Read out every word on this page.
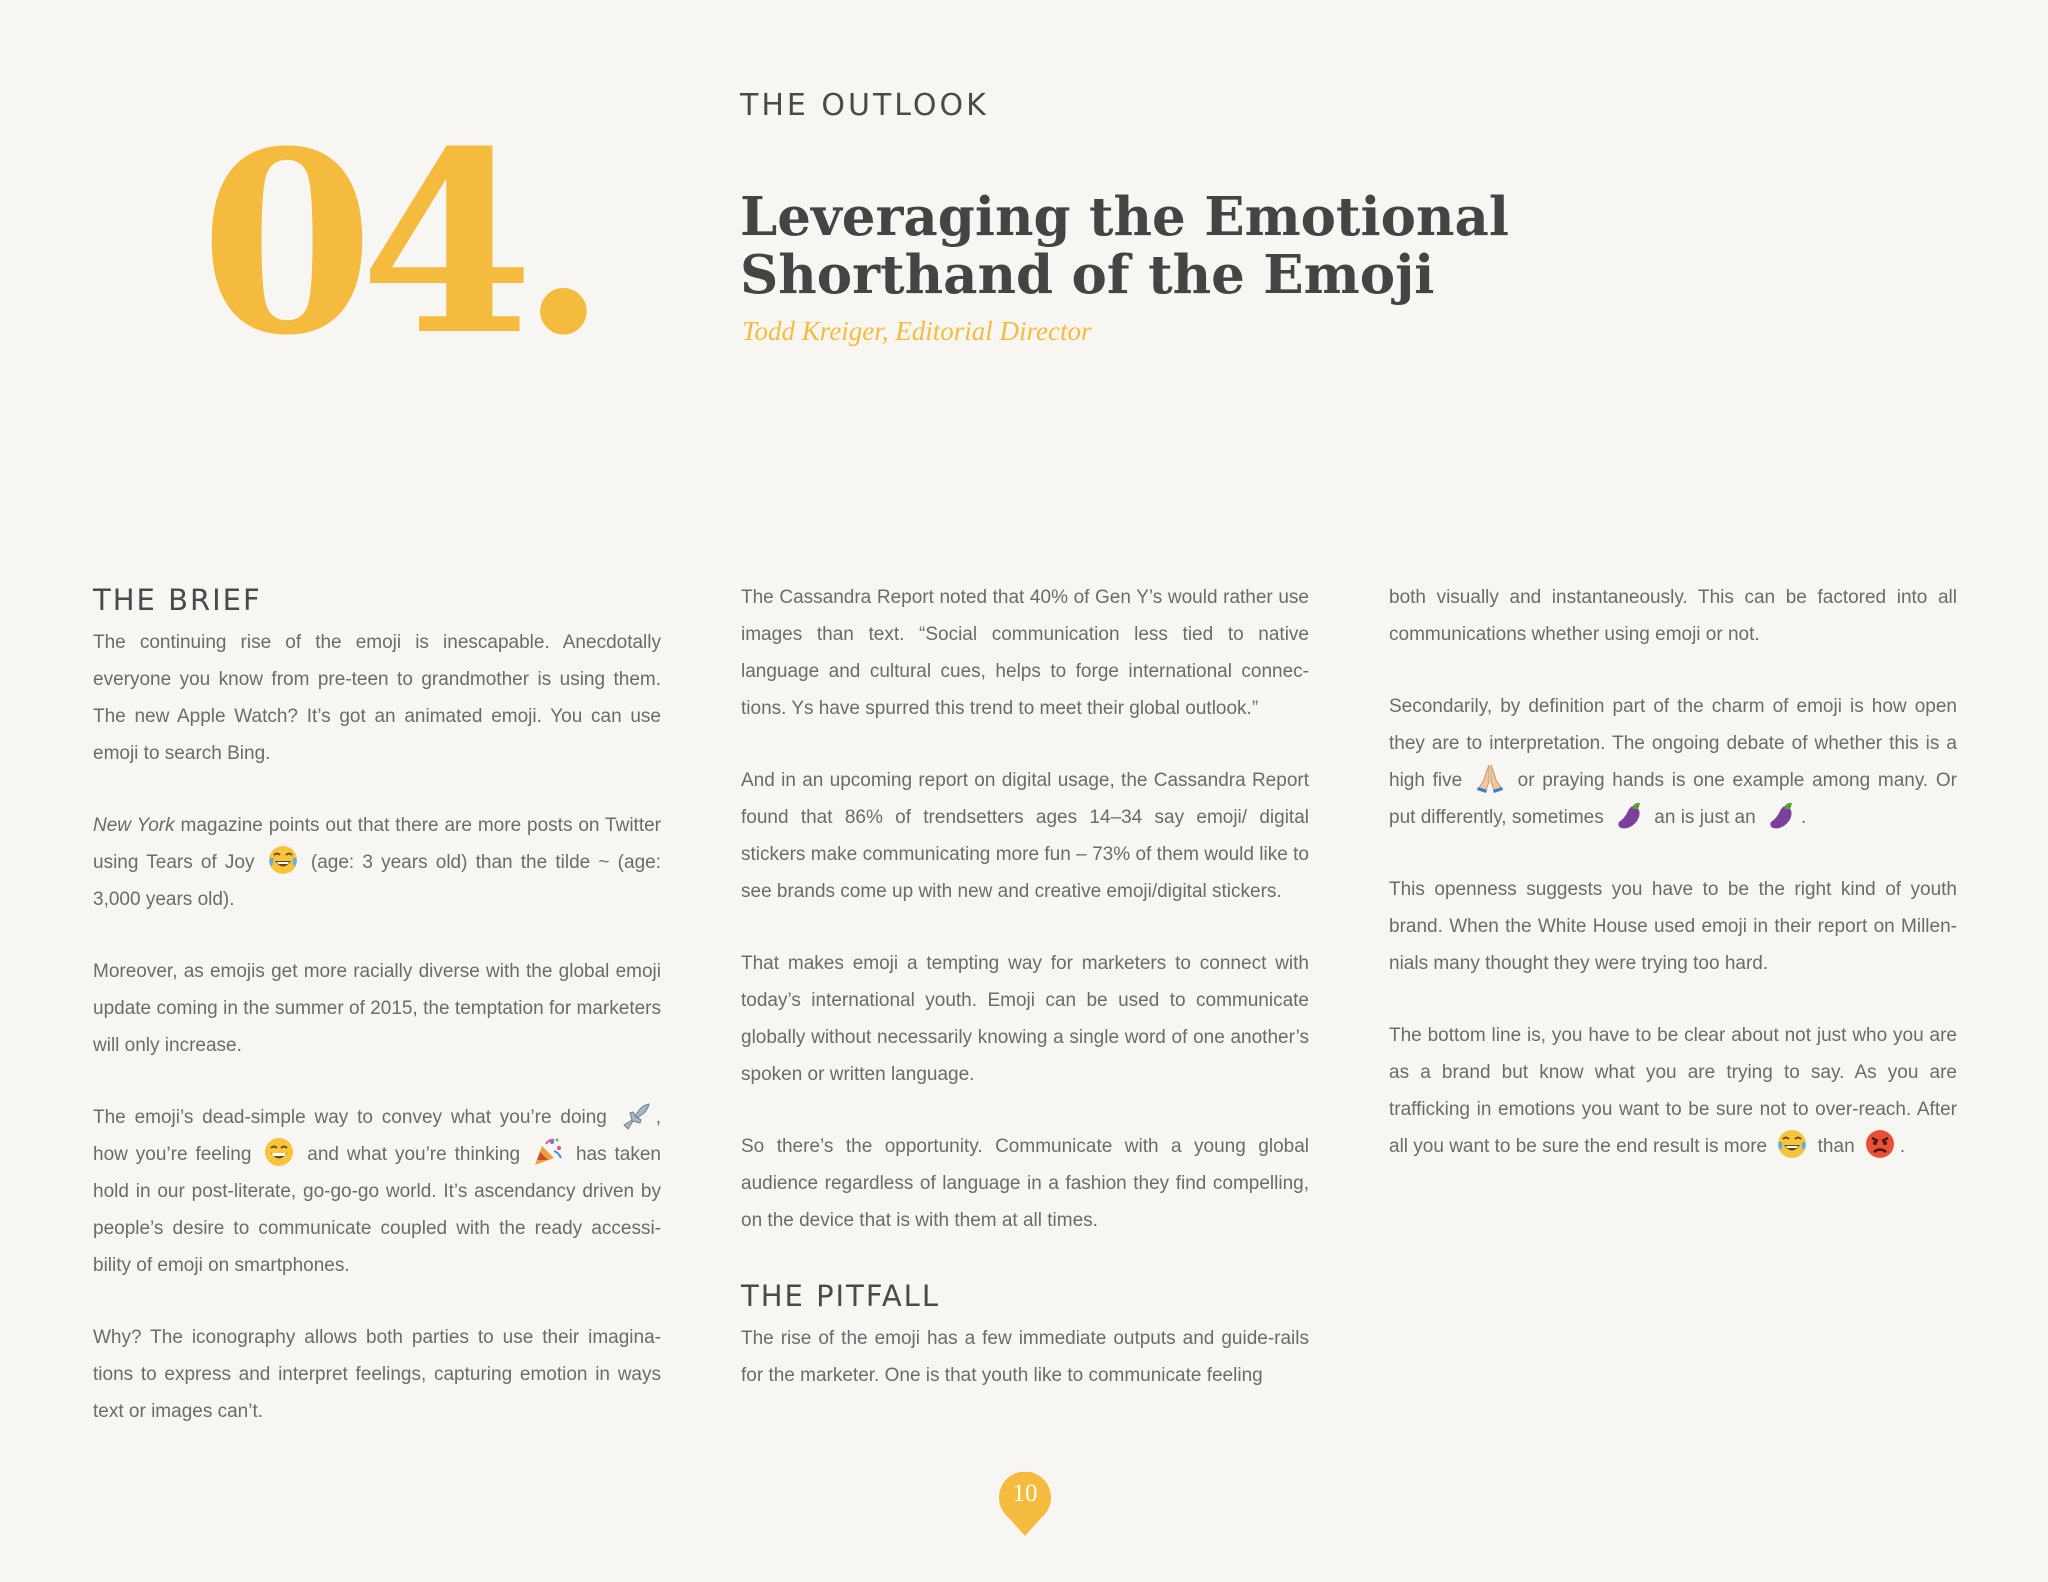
04.	THE OUTLOOK
Leveraging the Emotional
Shorthand of the Emoji
Todd Kreiger, Editorial Director
THE BRIEF

The continuing rise of the emoji is inescapable. Anecdotally everyone you know from pre-teen to grandmother is using them. The new Apple Watch? It’s got an animated emoji. You can use emoji to search Bing.

New York magazine points out that there are more posts on Twitter using Tears of Joy	(age: 3 years old) than the tilde ~ (age: 3,000 years old).

Moreover, as emojis get more racially diverse with the global emoji update coming in the summer of 2015, the temptation for marketers will only increase.

The emoji’s dead-simple way to convey what you’re doing	, how you’re feeling	and what you’re thinking	has taken hold in our post-literate, go-go-go world. It’s ascendancy driven by people’s desire to communicate coupled with the ready accessi-bility of emoji on smartphones.

Why? The iconography allows both parties to use their imagina-tions to express and interpret feelings, capturing emotion in ways text or images can’t.

The Cassandra Report noted that 40% of Gen Y’s would rather use images than text. “Social communication less tied to native language and cultural cues, helps to forge international connec-tions. Ys have spurred this trend to meet their global outlook.”

And in an upcoming report on digital usage, the Cassandra Report found that 86% of trendsetters ages 14–34 say emoji/ digital stickers make communicating more fun – 73% of them would like to see brands come up with new and creative emoji/digital stickers.

That makes emoji a tempting way for marketers to connect with today’s international youth. Emoji can be used to communicate globally without necessarily knowing a single word of one another’s spoken or written language.

So there’s the opportunity. Communicate with a young global audience regardless of language in a fashion they find compelling, on the device that is with them at all times.

THE PITFALL

The rise of the emoji has a few immediate outputs and guide-rails for the marketer. One is that youth like to communicate feeling

both visually and instantaneously. This can be factored into all communications whether using emoji or not.

Secondarily, by definition part of the charm of emoji is how open they are to interpretation. The ongoing debate of whether this is a high five	or praying hands is one example among many. Or put differently, sometimes	an is just an .

This openness suggests you have to be the right kind of youth brand. When the White House used emoji in their report on Millen-nials many thought they were trying too hard.

The bottom line is, you have to be clear about not just who you are as a brand but know what you are trying to say. As you are trafficking in emotions you want to be sure not to over-reach. After all you want to be sure the end result is more	than .

10
